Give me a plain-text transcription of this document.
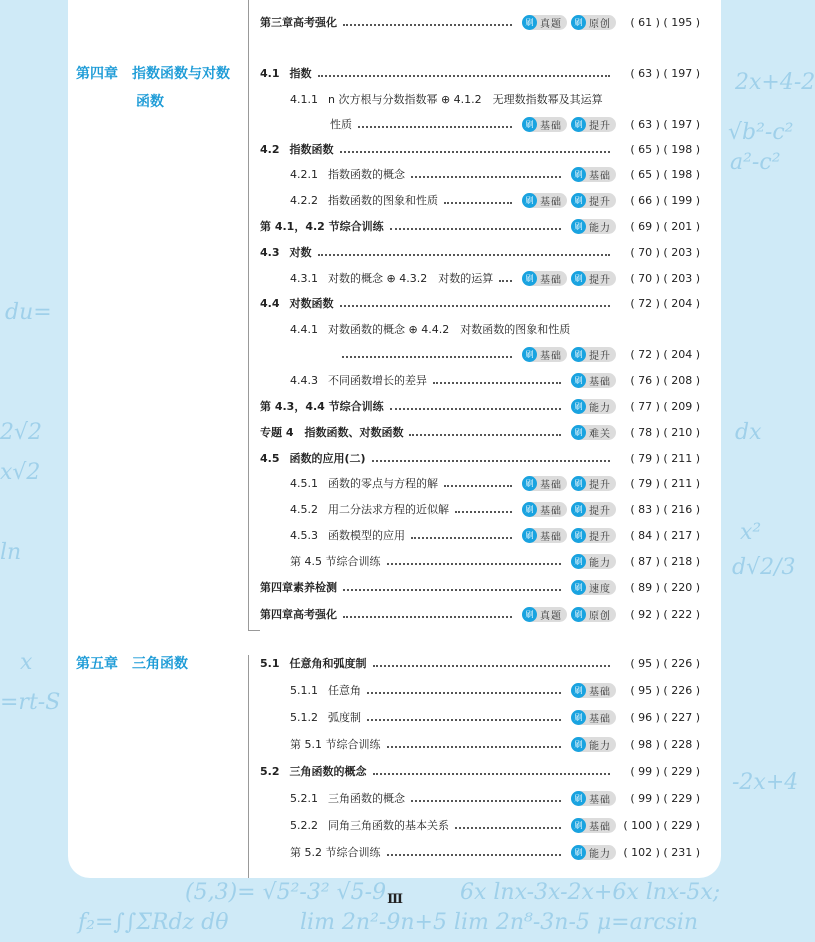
(5,3)= √5²-3² √5-9	6x lnx-3x-2x+6x lnx-5x;
f₂=∫∫ΣRdz dθ	lim 2n²-9n+5 lim 2n⁸-3n-5 μ=arcsin
du=
d√2/3
2x+4-2
√b²-c²
a²-c²
x
=rt-S
ln
2√2
x√2
dx
x²
-2x+4
第四章　指数函数与对数
函数
第五章　三角函数
第三章高考强化	刷 真题	刷 原创	( 61 ) ( 195 )
4.1 指数	( 63 ) ( 197 )
4.1.1 n 次方根与分数指数幂 ⊕ 4.1.2　无理数指数幂及其运算
性质	刷 基础	刷 提升	( 63 ) ( 197 )
4.2 指数函数	( 65 ) ( 198 )
4.2.1 指数函数的概念	刷 基础	( 65 ) ( 198 )
4.2.2 指数函数的图象和性质	刷 基础	刷 提升	( 66 ) ( 199 )
第 4.1，4.2 节综合训练	刷 能力	( 69 ) ( 201 )
4.3 对数	( 70 ) ( 203 )
4.3.1 对数的概念 ⊕ 4.3.2　对数的运算	刷 基础	刷 提升	( 70 ) ( 203 )
4.4 对数函数	( 72 ) ( 204 )
4.4.1 对数函数的概念 ⊕ 4.4.2　对数函数的图象和性质
刷 基础	刷 提升	( 72 ) ( 204 )
4.4.3 不同函数增长的差异	刷 基础	( 76 ) ( 208 )
第 4.3，4.4 节综合训练	刷 能力	( 77 ) ( 209 )
专题 4　指数函数、对数函数	刷 难关	( 78 ) ( 210 )
4.5 函数的应用(二)	( 79 ) ( 211 )
4.5.1 函数的零点与方程的解	刷 基础	刷 提升	( 79 ) ( 211 )
4.5.2 用二分法求方程的近似解	刷 基础	刷 提升	( 83 ) ( 216 )
4.5.3 函数模型的应用	刷 基础	刷 提升	( 84 ) ( 217 )
第 4.5 节综合训练	刷 能力	( 87 ) ( 218 )
第四章素养检测	刷 速度	( 89 ) ( 220 )
第四章高考强化	刷 真题	刷 原创	( 92 ) ( 222 )
5.1 任意角和弧度制	( 95 ) ( 226 )
5.1.1 任意角	刷 基础	( 95 ) ( 226 )
5.1.2 弧度制	刷 基础	( 96 ) ( 227 )
第 5.1 节综合训练	刷 能力	( 98 ) ( 228 )
5.2 三角函数的概念	( 99 ) ( 229 )
5.2.1 三角函数的概念	刷 基础	( 99 ) ( 229 )
5.2.2 同角三角函数的基本关系	刷 基础	( 100 ) ( 229 )
第 5.2 节综合训练	刷 能力	( 102 ) ( 231 )
Ⅲ
